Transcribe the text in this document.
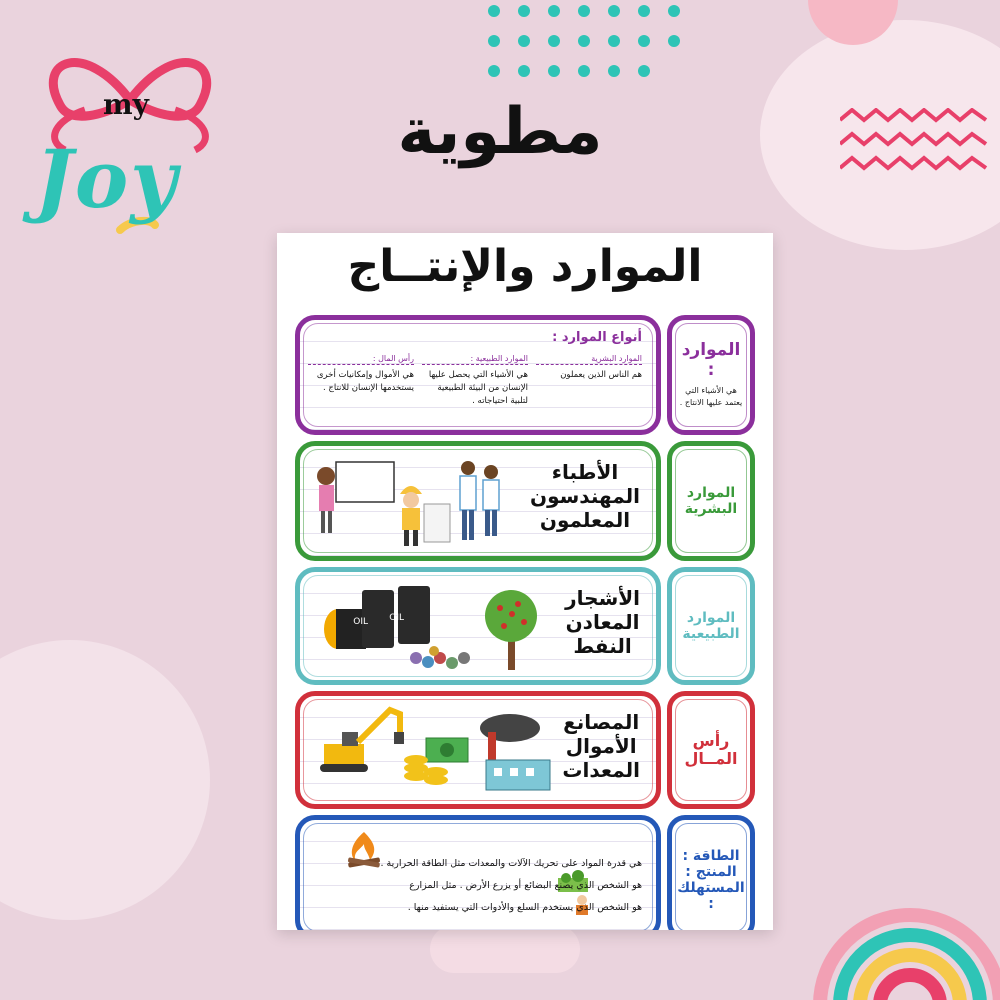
my
Joy	مطوية
الموارد والإنتــاج
الموارد :
هي الأشياء التي يعتمد عليها الانتاج .
أنواع الموارد :
الموارد البشرية
هم الناس الذين يعملون
الموارد الطبيعية :
هي الأشياء التي يحصل عليها الإنسان من البيئة الطبيعية لتلبية احتياجاته .
رأس المال :
هي الأموال وإمكانيات أخرى يستخدمها الإنسان للانتاج .
الموارد البشرية
الأطباء
المهندسون
المعلمون
الموارد الطبيعية
الأشجار
المعادن
النفط
OIL OIL
رأس المــال
المصانع
الأموال
المعدات
الطاقة :
المنتج :
المستهلك :
هي قدرة المواد على تحريك الآلات والمعدات مثل الطاقة الحرارية .
هو الشخص الذي يصنع البضائع أو يزرع الأرض . مثل المزارع
هو الشخص الذي يستخدم السلع والأدوات التي يستفيد منها .
